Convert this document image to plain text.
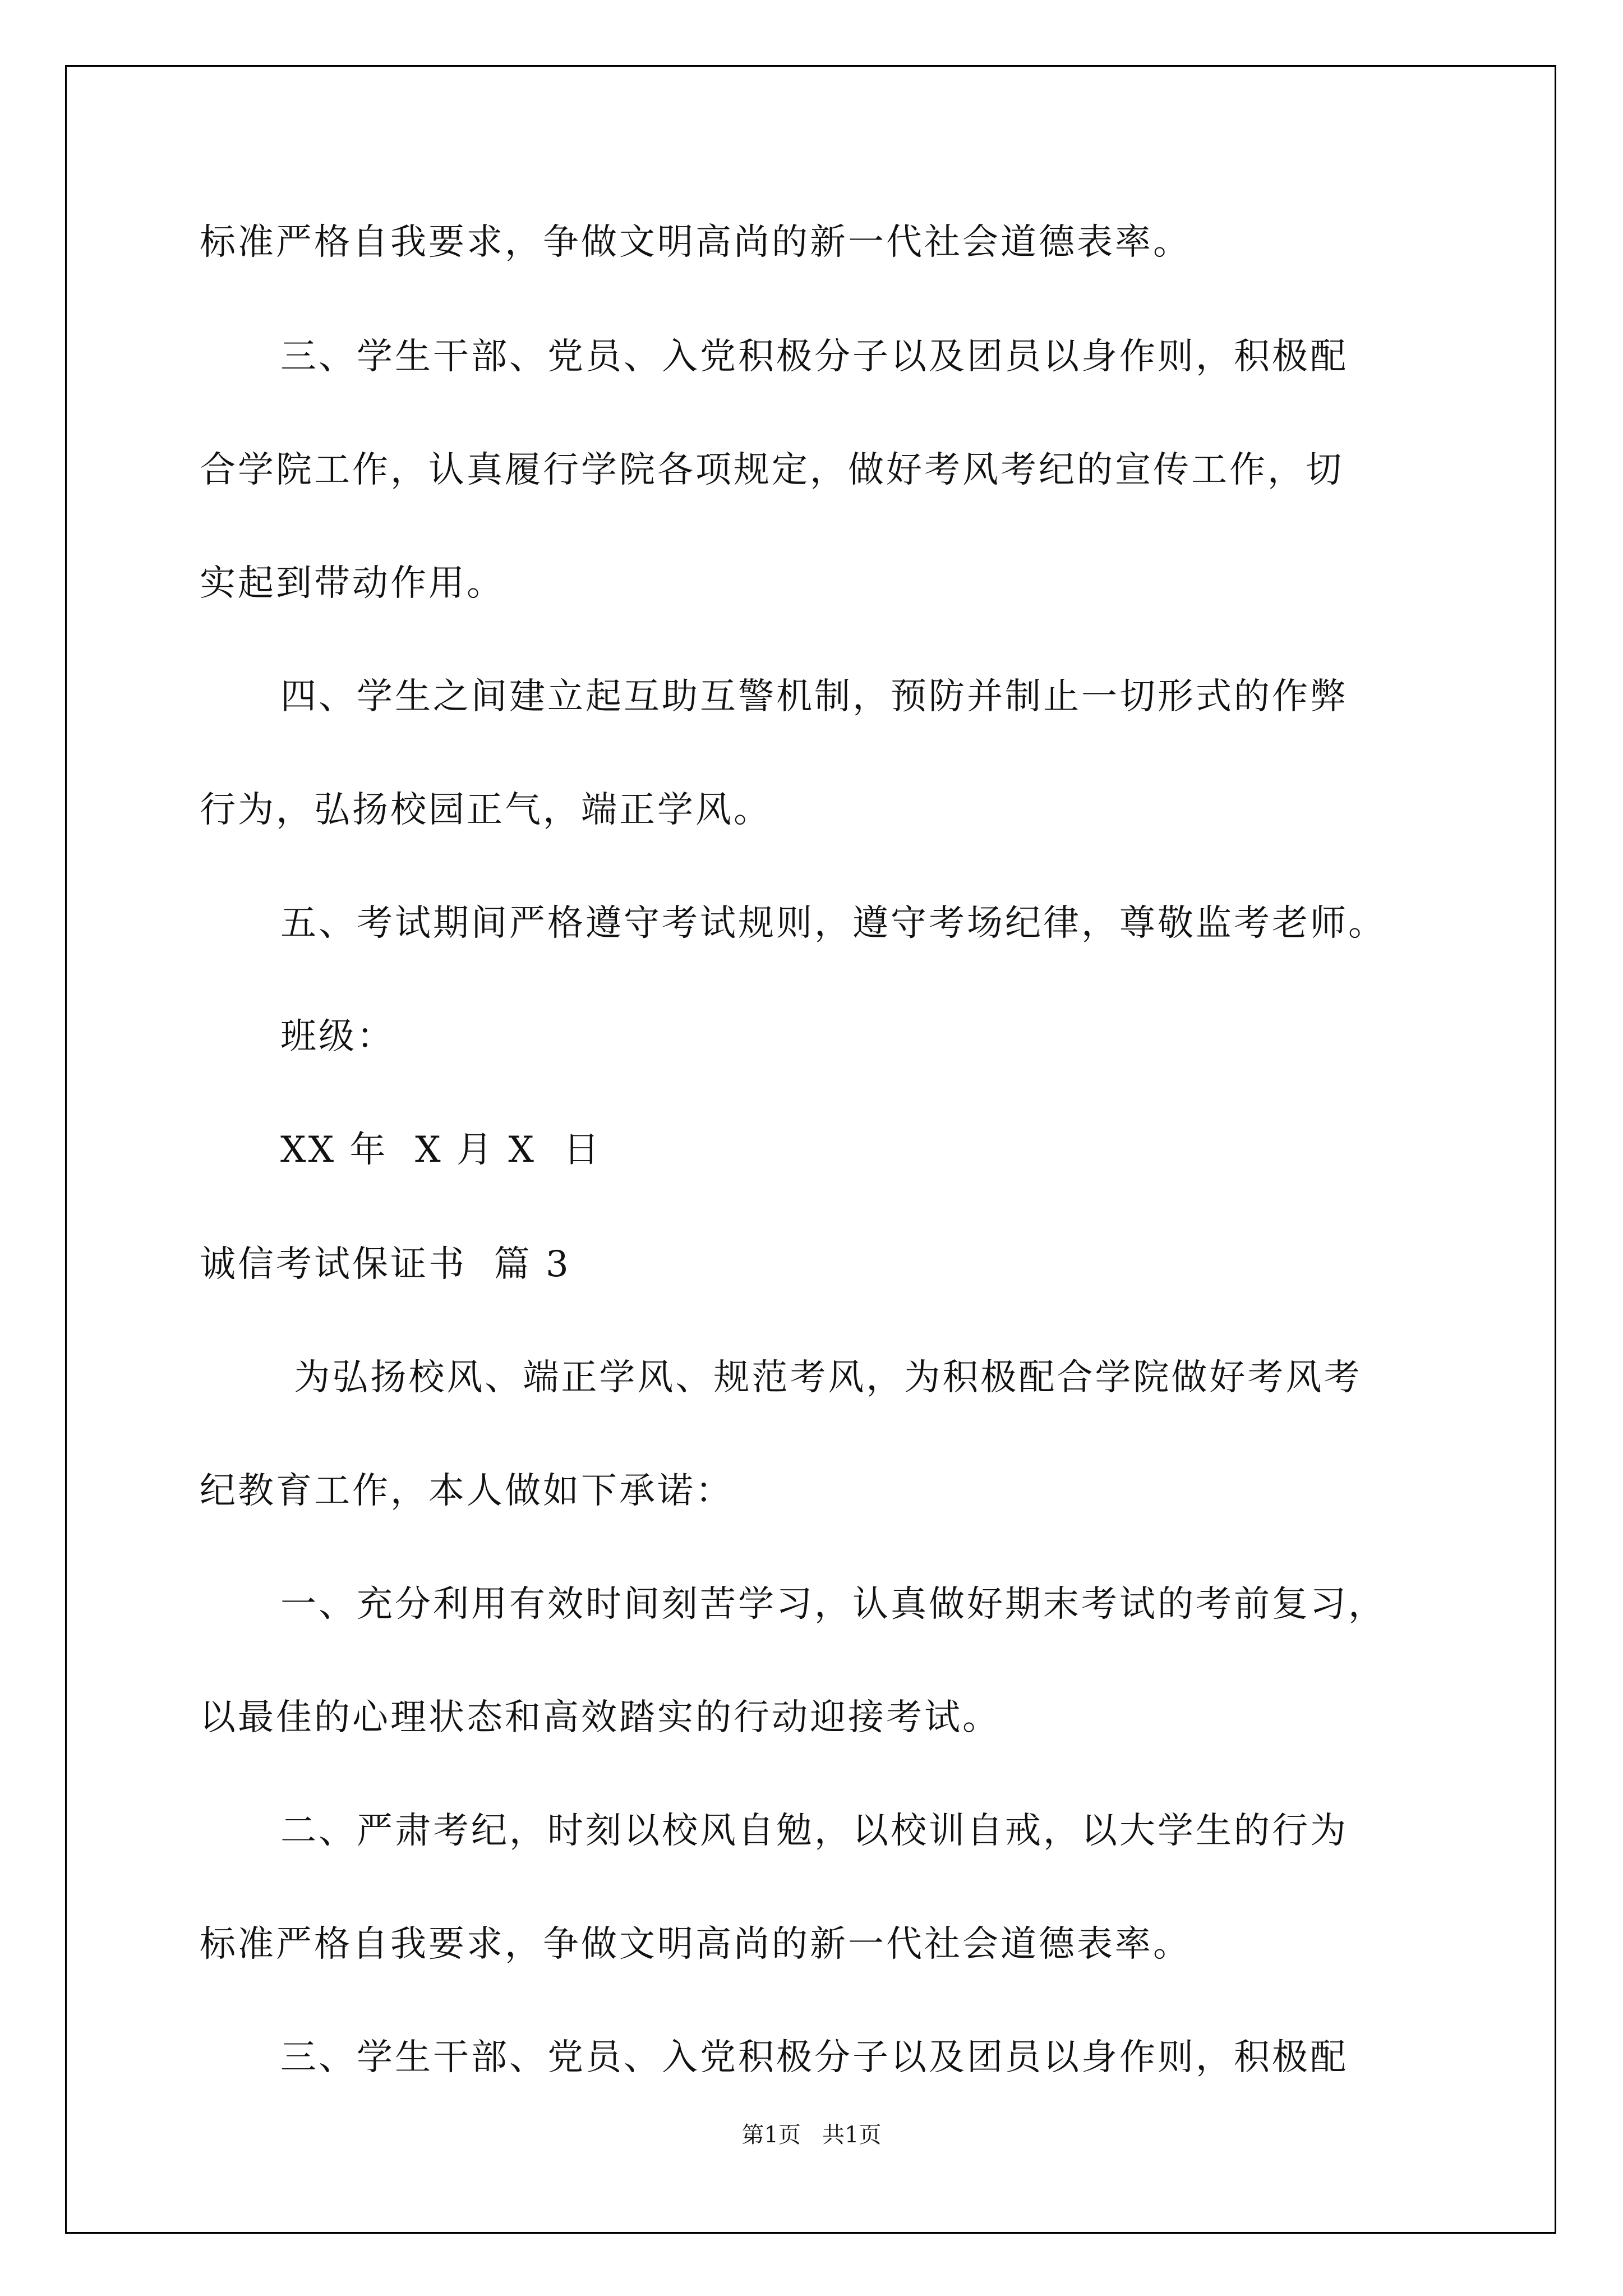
标准严格自我要求，争做文明高尚的新一代社会道德表率。
三、学生干部、党员、入党积极分子以及团员以身作则，积极配
合学院工作，认真履行学院各项规定，做好考风考纪的宣传工作，切
实起到带动作用。
四、学生之间建立起互助互警机制，预防并制止一切形式的作弊
行为，弘扬校园正气，端正学风。
五、考试期间严格遵守考试规则，遵守考场纪律，尊敬监考老师。
班级：
XX 年  X 月 X  日
诚信考试保证书  篇 3
为弘扬校风、端正学风、规范考风，为积极配合学院做好考风考
纪教育工作，本人做如下承诺：
一、充分利用有效时间刻苦学习，认真做好期末考试的考前复习，
以最佳的心理状态和高效踏实的行动迎接考试。
二、严肃考纪，时刻以校风自勉，以校训自戒，以大学生的行为
标准严格自我要求，争做文明高尚的新一代社会道德表率。
三、学生干部、党员、入党积极分子以及团员以身作则，积极配
第1页   共1页
